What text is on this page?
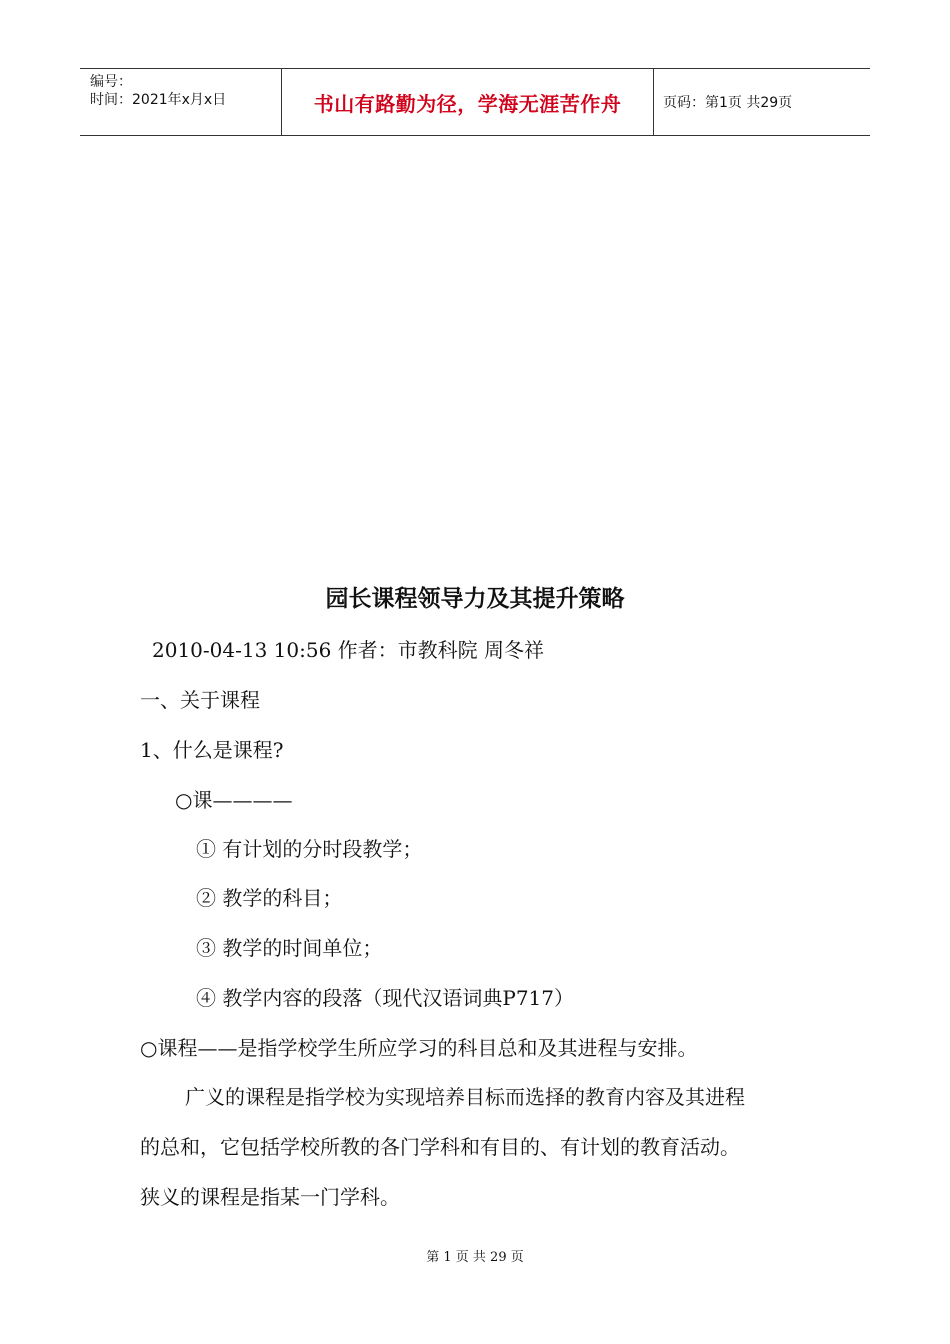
编号：
时间：2021年x月x日	书山有路勤为径，学海无涯苦作舟	页码：第1页 共29页
园长课程领导力及其提升策略
2010-04-13 10:56 作者：市教科院 周冬祥
一、关于课程
1、什么是课程?
○课————
① 有计划的分时段教学；
② 教学的科目；
③ 教学的时间单位；
④ 教学内容的段落（现代汉语词典P717）
○课程——是指学校学生所应学习的科目总和及其进程与安排。
广义的课程是指学校为实现培养目标而选择的教育内容及其进程
的总和，它包括学校所教的各门学科和有目的、有计划的教育活动。
狭义的课程是指某一门学科。
第 1 页 共 29 页
